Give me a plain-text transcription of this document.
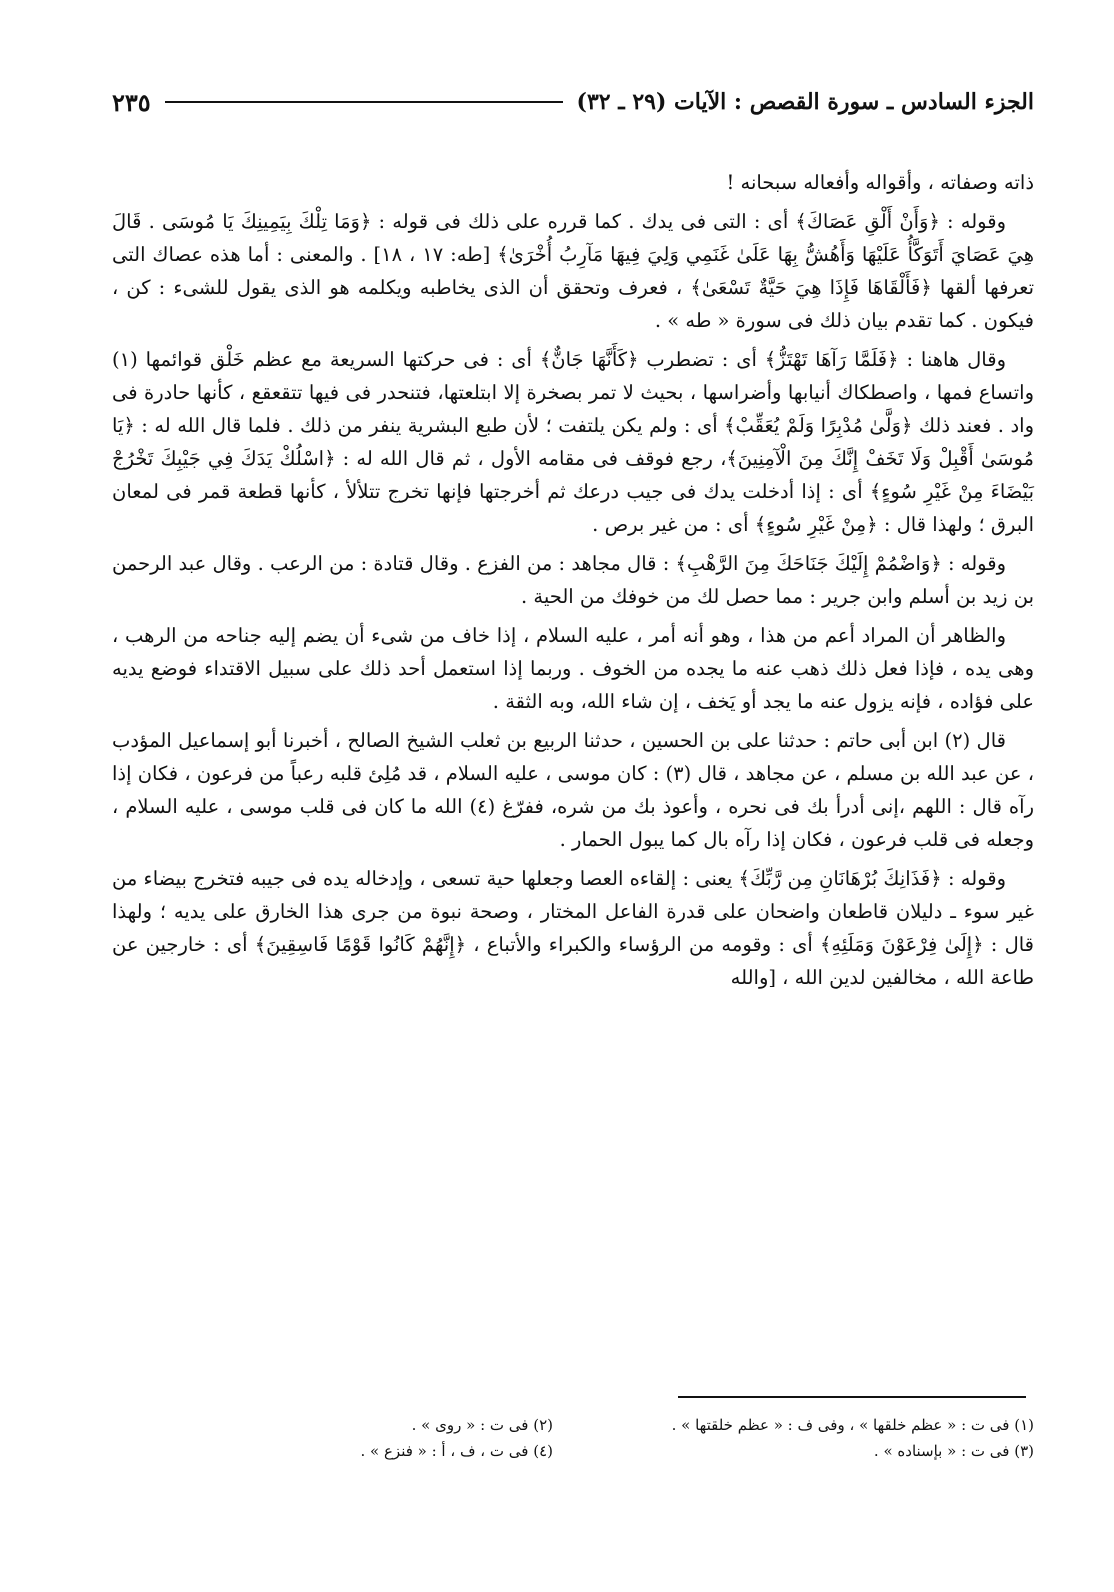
الجزء السادس ـ سورة القصص : الآيات (٢٩ ـ ٣٢)
٢٣٥

ذاته وصفاته ، وأقواله وأفعاله سبحانه !

وقوله : ﴿وَأَنْ أَلْقِ عَصَاكَ﴾ أى : التى فى يدك . كما قرره على ذلك فى قوله : ﴿وَمَا تِلْكَ بِيَمِينِكَ يَا مُوسَى . قَالَ هِيَ عَصَايَ أَتَوَكَّأُ عَلَيْهَا وَأَهُشُّ بِهَا عَلَىٰ غَنَمِي وَلِيَ فِيهَا مَآرِبُ أُخْرَىٰ﴾ [طه: ١٧ ، ١٨] . والمعنى : أما هذه عصاك التى تعرفها ألقها ﴿فَأَلْقَاهَا فَإِذَا هِيَ حَيَّةٌ تَسْعَىٰ﴾ ، فعرف وتحقق أن الذى يخاطبه ويكلمه هو الذى يقول للشىء : كن ، فيكون . كما تقدم بيان ذلك فى سورة « طه » .

وقال هاهنا : ﴿فَلَمَّا رَآهَا تَهْتَزُّ﴾ أى : تضطرب ﴿كَأَنَّهَا جَانٌّ﴾ أى : فى حركتها السريعة مع عظم خَلْق قوائمها (١) واتساع فمها ، واصطكاك أنيابها وأضراسها ، بحيث لا تمر بصخرة إلا ابتلعتها، فتنحدر فى فيها تتقعقع ، كأنها حادرة فى واد . فعند ذلك ﴿وَلَّىٰ مُدْبِرًا وَلَمْ يُعَقِّبْ﴾ أى : ولم يكن يلتفت ؛ لأن طبع البشرية ينفر من ذلك . فلما قال الله له : ﴿يَا مُوسَىٰ أَقْبِلْ وَلَا تَخَفْ إِنَّكَ مِنَ الْآمِنِينَ﴾، رجع فوقف فى مقامه الأول ، ثم قال الله له : ﴿اسْلُكْ يَدَكَ فِي جَيْبِكَ تَخْرُجْ بَيْضَاءَ مِنْ غَيْرِ سُوءٍ﴾ أى : إذا أدخلت يدك فى جيب درعك ثم أخرجتها فإنها تخرج تتلألأ ، كأنها قطعة قمر فى لمعان البرق ؛ ولهذا قال : ﴿مِنْ غَيْرِ سُوءٍ﴾ أى : من غير برص .

وقوله : ﴿وَاضْمُمْ إِلَيْكَ جَنَاحَكَ مِنَ الرَّهْبِ﴾ : قال مجاهد : من الفزع . وقال قتادة : من الرعب . وقال عبد الرحمن بن زيد بن أسلم وابن جرير : مما حصل لك من خوفك من الحية .

والظاهر أن المراد أعم من هذا ، وهو أنه أمر ، عليه السلام ، إذا خاف من شىء أن يضم إليه جناحه من الرهب ، وهى يده ، فإذا فعل ذلك ذهب عنه ما يجده من الخوف . وربما إذا استعمل أحد ذلك على سبيل الاقتداء فوضع يديه على فؤاده ، فإنه يزول عنه ما يجد أو يَخف ، إن شاء الله، وبه الثقة .

قال (٢) ابن أبى حاتم : حدثنا على بن الحسين ، حدثنا الربيع بن ثعلب الشيخ الصالح ، أخبرنا أبو إسماعيل المؤدب ، عن عبد الله بن مسلم ، عن مجاهد ، قال (٣) : كان موسى ، عليه السلام ، قد مُلِئ قلبه رعباً من فرعون ، فكان إذا رآه قال : اللهم ،إنى أدرأ بك فى نحره ، وأعوذ بك من شره، ففرّغ (٤) الله ما كان فى قلب موسى ، عليه السلام ، وجعله فى قلب فرعون ، فكان إذا رآه بال كما يبول الحمار .

وقوله : ﴿فَذَانِكَ بُرْهَانَانِ مِن رَّبِّكَ﴾ يعنى : إلقاءه العصا وجعلها حية تسعى ، وإدخاله يده فى جيبه فتخرج بيضاء من غير سوء ـ دليلان قاطعان واضحان على قدرة الفاعل المختار ، وصحة نبوة من جرى هذا الخارق على يديه ؛ ولهذا قال : ﴿إِلَىٰ فِرْعَوْنَ وَمَلَئِهِ﴾ أى : وقومه من الرؤساء والكبراء والأتباع ، ﴿إِنَّهُمْ كَانُوا قَوْمًا فَاسِقِينَ﴾ أى : خارجين عن طاعة الله ، مخالفين لدين الله ، [والله

(١) فى ت : « عظم خلقها » ، وفى ف : « عظم خلقتها » .
(٢) فى ت : « روى » .
(٣) فى ت : « بإسناده » .
(٤) فى ت ، ف ، أ : « فنزع » .
